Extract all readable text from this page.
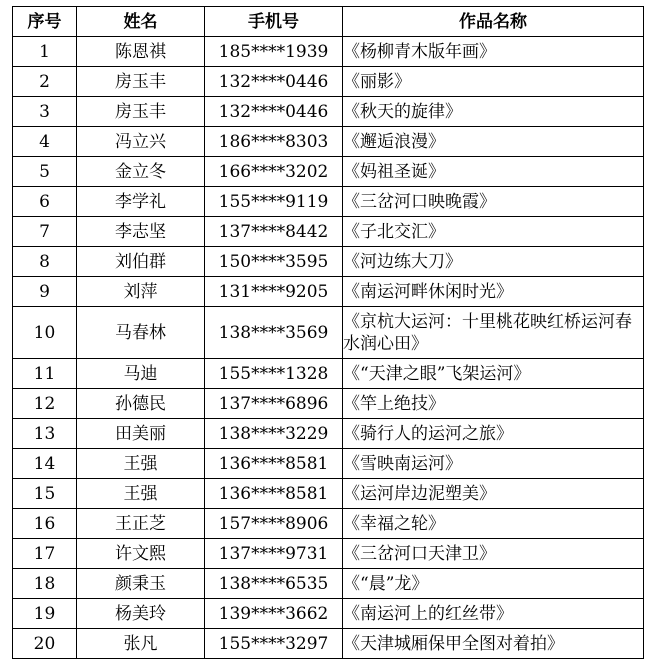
序号	姓名	手机号	作品名称
1	陈恩祺	185****1939	《杨柳青木版年画》
2	房玉丰	132****0446	《丽影》
3	房玉丰	132****0446	《秋天的旋律》
4	冯立兴	186****8303	《邂逅浪漫》
5	金立冬	166****3202	《妈祖圣诞》
6	李学礼	155****9119	《三岔河口映晚霞》
7	李志坚	137****8442	《子北交汇》
8	刘伯群	150****3595	《河边练大刀》
9	刘萍	131****9205	《南运河畔休闲时光》
10	马春林	138****3569	《京杭大运河：十里桃花映红桥运河春水润心田》
11	马迪	155****1328	《“天津之眼”飞架运河》
12	孙德民	137****6896	《竿上绝技》
13	田美丽	138****3229	《骑行人的运河之旅》
14	王强	136****8581	《雪映南运河》
15	王强	136****8581	《运河岸边泥塑美》
16	王正芝	157****8906	《幸福之轮》
17	许文熙	137****9731	《三岔河口天津卫》
18	颜秉玉	138****6535	《“晨”龙》
19	杨美玲	139****3662	《南运河上的红丝带》
20	张凡	155****3297	《天津城厢保甲全图对着拍》
